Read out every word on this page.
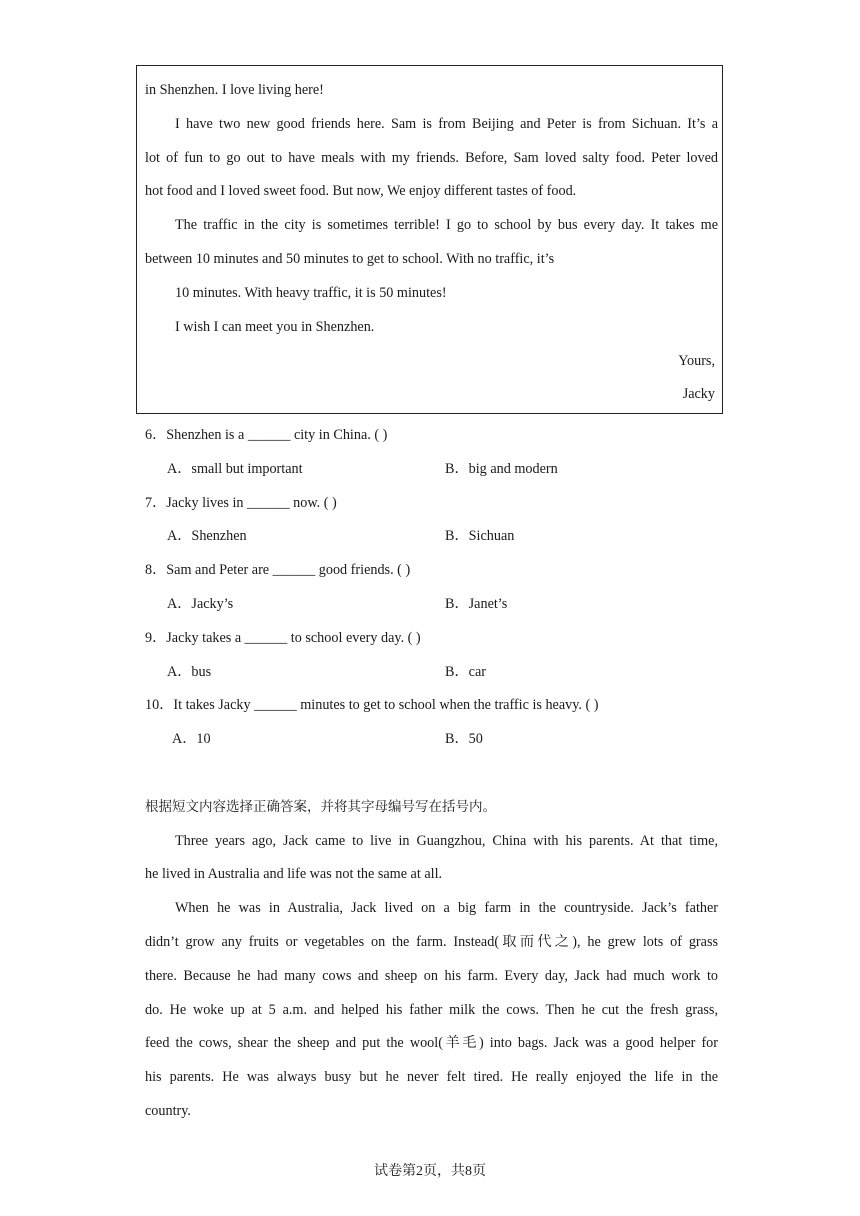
in Shenzhen. I love living here!
I have two new good friends here. Sam is from Beijing and Peter is from Sichuan. It’s a
lot of fun to go out to have meals with my friends. Before, Sam loved salty food. Peter loved
hot food and I loved sweet food. But now, We enjoy different tastes of food.
The traffic in the city is sometimes terrible! I go to school by bus every day. It takes me
between 10 minutes and 50 minutes to get to school. With no traffic, it’s
10 minutes. With heavy traffic, it is 50 minutes!
I wish I can meet you in Shenzhen.
Yours,
Jacky
6．Shenzhen is a ______ city in China. ( )
A．small but important	B．big and modern
7．Jacky lives in ______ now. ( )
A．Shenzhen	B．Sichuan
8．Sam and Peter are ______ good friends. ( )
A．Jacky’s	B．Janet’s
9．Jacky takes a ______ to school every day. ( )
A．bus	B．car
10．It takes Jacky ______ minutes to get to school when the traffic is heavy. ( )
A．10	B．50
根据短文内容选择正确答案，并将其字母编号写在括号内。
Three years ago, Jack came to live in Guangzhou, China with his parents. At that time,
he lived in Australia and life was not the same at all.
When he was in Australia, Jack lived on a big farm in the countryside. Jack’s father
didn’t grow any fruits or vegetables on the farm. Instead(取而代之), he grew lots of grass
there. Because he had many cows and sheep on his farm. Every day, Jack had much work to
do. He woke up at 5 a.m. and helped his father milk the cows. Then he cut the fresh grass,
feed the cows, shear the sheep and put the wool(羊毛) into bags. Jack was a good helper for
his parents. He was always busy but he never felt tired. He really enjoyed the life in the
country.
试卷第2页，共8页
